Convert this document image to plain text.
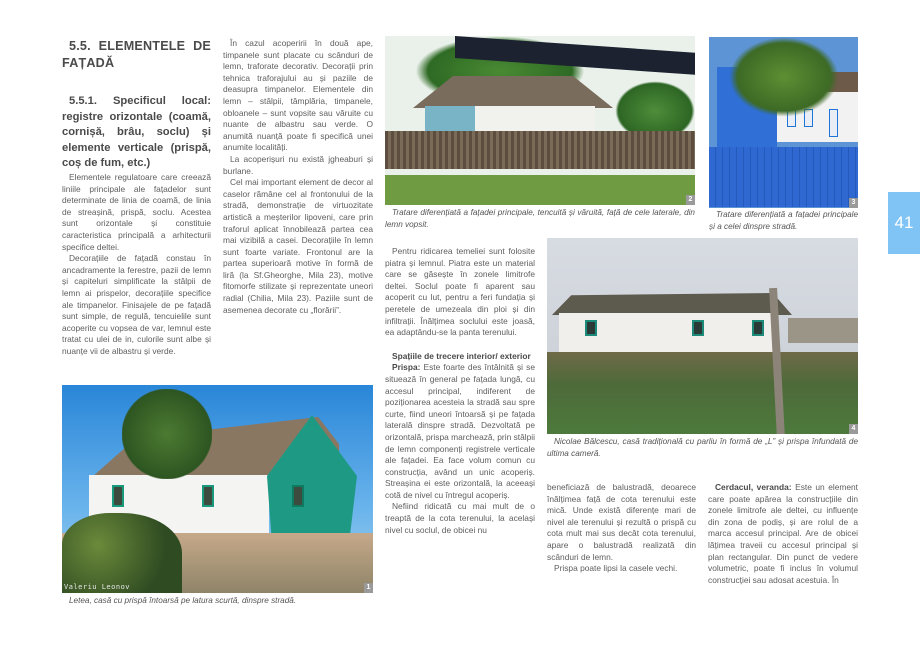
5.5. ELEMENTELE DE FAȚADĂ
5.5.1. Specificul local: registre orizontale (coamă, cornișă, brâu, soclu) și elemente verticale (prispă, coș de fum, etc.)

Elementele regulatoare care creează liniile principale ale fațadelor sunt determinate de linia de coamă, de linia de streașină, prispă, soclu. Acestea sunt orizontale și constituie caracteristica principală a arhitecturii specifice deltei.

Decorațiile de fațadă constau în ancadramente la ferestre, pazii de lemn și capiteluri simplificate la stâlpii de lemn ai prispelor, decorațiile specifice ale timpanelor. Finisajele de pe fațadă sunt simple, de regulă, tencuielile sunt acoperite cu vopsea de var, lemnul este tratat cu ulei de in, culorile sunt albe și nuanțe vii de albastru și verde.

În cazul acoperirii în două ape, timpanele sunt placate cu scânduri de lemn, traforate decorativ. Decorații prin tehnica traforajului au și paziile de deasupra timpanelor. Elementele din lemn – stâlpii, tâmplăria, timpanele, obloanele – sunt vopsite sau văruite cu nuante de albastru sau verde. O anumită nuanță poate fi specifică unei anumite localități.

La acoperișuri nu există jgheaburi și burlane.

Cel mai important element de decor al caselor rămâne cel al frontonului de la stradă, demonstrație de virtuozitate artistică a meșterilor lipoveni, care prin traforul aplicat înnobilează partea cea mai vizibilă a casei. Decorațiile în lemn sunt foarte variate. Frontonul are la partea superioară motive în formă de liră (la Sf.Gheorghe, Mila 23), motive fitomorfe stilizate și reprezentate uneori radial (Chilia, Mila 23). Paziile sunt de asemenea decorate cu „florării”.

Valeriu Leonov	1

Letea, casă cu prispă întoarsă pe latura scurtă, dinspre stradă.

2

Tratare diferențiată a fațadei principale, tencuită și văruită, față de cele laterale, din lemn vopsit.

3

Tratare diferențiată a fațadei principale și a celei dinspre stradă.	41

Pentru ridicarea temeliei sunt folosite piatra și lemnul. Piatra este un material care se găsește în zonele limitrofe deltei. Soclul poate fi aparent sau acoperit cu lut, pentru a feri fundația și peretele de umezeala din ploi și din infiltrații. Înălțimea soclului este joasă, ea adaptându-se la panta terenului.

Spațiile de trecere interior/ exterior

Prispa: Este foarte des întâlnită și se situează în general pe fațada lungă, cu accesul principal, indiferent de poziționarea acesteia la stradă sau spre curte, fiind uneori întoarsă și pe fațada laterală dinspre stradă. Dezvoltată pe orizontală, prispa marchează, prin stâlpii de lemn componenți registrele verticale ale fațadei. Ea face volum comun cu construcția, având un unic acoperiș. Streașina ei este orizontală, la aceeași cotă de nivel cu întregul acoperiș.

Nefiind ridicată cu mai mult de o treaptă de la cota terenului, la același nivel cu soclul, de obicei nu

4

Nicolae Bălcescu, casă tradițională cu parliu în formă de „L” și prispa înfundată de ultima cameră.

beneficiază de balustradă, deoarece înălțimea față de cota terenului este mică. Unde există diferențe mari de nivel ale terenului și rezultă o prispă cu cota mult mai sus decât cota terenului, apare o balustradă realizată din scânduri de lemn.

Prispa poate lipsi la casele vechi.

Cerdacul, veranda: Este un element care poate apărea la construcțiile din zonele limitrofe ale deltei, cu influențe din zona de podiș, și are rolul de a marca accesul principal. Are de obicei lățimea traveii cu accesul principal și plan rectangular. Din punct de vedere volumetric, poate fi inclus în volumul construcției sau adosat acestuia. În
